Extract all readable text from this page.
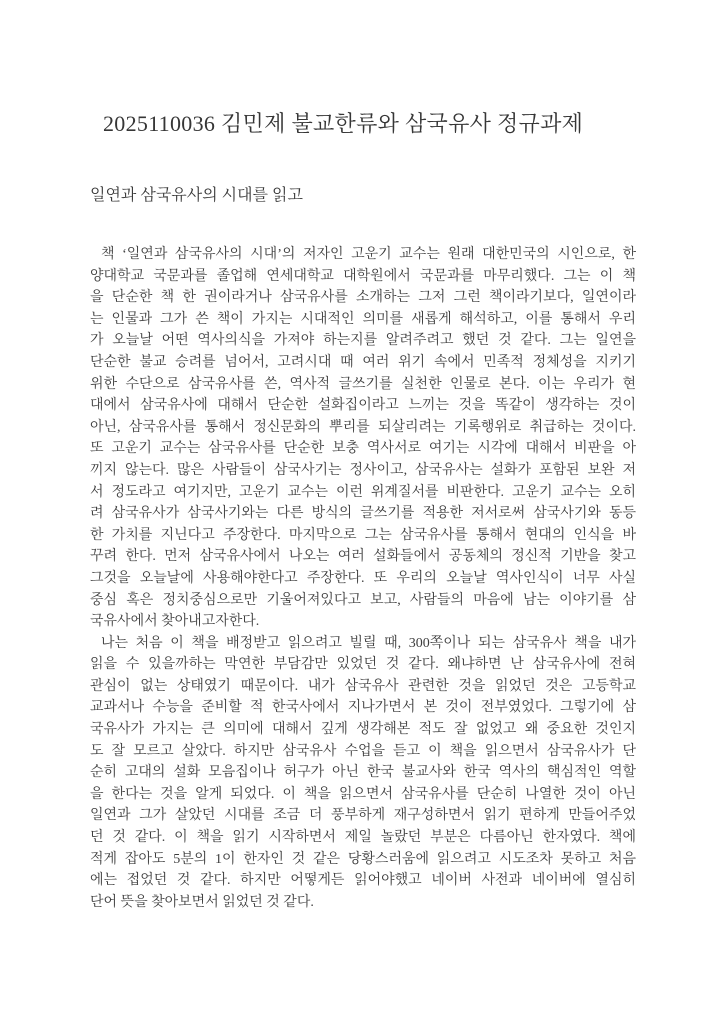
2025110036 김민제 불교한류와 삼국유사 정규과제
일연과 삼국유사의 시대를 읽고
책 ‘일연과 삼국유사의 시대’의 저자인 고운기 교수는 원래 대한민국의 시인으로, 한
양대학교 국문과를 졸업해 연세대학교 대학원에서 국문과를 마무리했다. 그는 이 책
을 단순한 책 한 권이라거나 삼국유사를 소개하는 그저 그런 책이라기보다, 일연이라
는 인물과 그가 쓴 책이 가지는 시대적인 의미를 새롭게 해석하고, 이를 통해서 우리
가 오늘날 어떤 역사의식을 가져야 하는지를 알려주려고 했던 것 같다. 그는 일연을
단순한 불교 승려를 넘어서, 고려시대 때 여러 위기 속에서 민족적 정체성을 지키기
위한 수단으로 삼국유사를 쓴, 역사적 글쓰기를 실천한 인물로 본다. 이는 우리가 현
대에서 삼국유사에 대해서 단순한 설화집이라고 느끼는 것을 똑같이 생각하는 것이
아닌, 삼국유사를 통해서 정신문화의 뿌리를 되살리려는 기록행위로 취급하는 것이다.
또 고운기 교수는 삼국유사를 단순한 보충 역사서로 여기는 시각에 대해서 비판을 아
끼지 않는다. 많은 사람들이 삼국사기는 정사이고, 삼국유사는 설화가 포함된 보완 저
서 정도라고 여기지만, 고운기 교수는 이런 위계질서를 비판한다. 고운기 교수는 오히
려 삼국유사가 삼국사기와는 다른 방식의 글쓰기를 적용한 저서로써 삼국사기와 동등
한 가치를 지닌다고 주장한다. 마지막으로 그는 삼국유사를 통해서 현대의 인식을 바
꾸려 한다. 먼저 삼국유사에서 나오는 여러 설화들에서 공동체의 정신적 기반을 찾고
그것을 오늘날에 사용해야한다고 주장한다. 또 우리의 오늘날 역사인식이 너무 사실
중심 혹은 정치중심으로만 기울어져있다고 보고, 사람들의 마음에 남는 이야기를 삼
국유사에서 찾아내고자한다.
나는 처음 이 책을 배정받고 읽으려고 빌릴 때, 300쪽이나 되는 삼국유사 책을 내가
읽을 수 있을까하는 막연한 부담감만 있었던 것 같다. 왜냐하면 난 삼국유사에 전혀
관심이 없는 상태였기 때문이다. 내가 삼국유사 관련한 것을 읽었던 것은 고등학교
교과서나 수능을 준비할 적 한국사에서 지나가면서 본 것이 전부였었다. 그렇기에 삼
국유사가 가지는 큰 의미에 대해서 깊게 생각해본 적도 잘 없었고 왜 중요한 것인지
도 잘 모르고 살았다. 하지만 삼국유사 수업을 듣고 이 책을 읽으면서 삼국유사가 단
순히 고대의 설화 모음집이나 허구가 아닌 한국 불교사와 한국 역사의 핵심적인 역할
을 한다는 것을 알게 되었다. 이 책을 읽으면서 삼국유사를 단순히 나열한 것이 아닌
일연과 그가 살았던 시대를 조금 더 풍부하게 재구성하면서 읽기 편하게 만들어주었
던 것 같다. 이 책을 읽기 시작하면서 제일 놀랐던 부분은 다름아닌 한자였다. 책에
적게 잡아도 5분의 1이 한자인 것 같은 당황스러움에 읽으려고 시도조차 못하고 처음
에는 접었던 것 같다. 하지만 어떻게든 읽어야했고 네이버 사전과 네이버에 열심히
단어 뜻을 찾아보면서 읽었던 것 같다.
